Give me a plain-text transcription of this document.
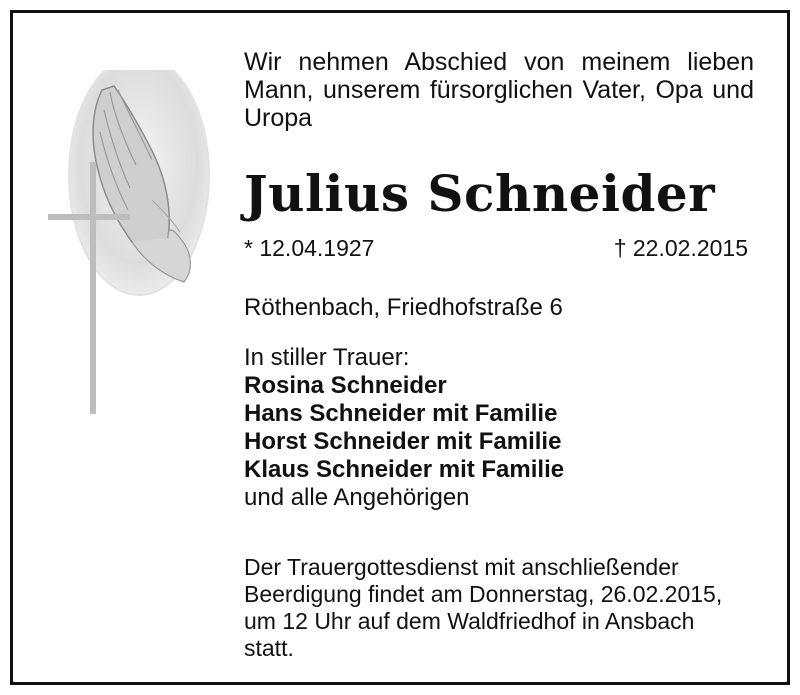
Wir nehmen Abschied von meinem lieben Mann, unserem fürsorglichen Vater, Opa und Uropa
Julius Schneider
* 12.04.1927	† 22.02.2015
Röthenbach, Friedhofstraße 6
In stiller Trauer:
Rosina Schneider
Hans Schneider mit Familie
Horst Schneider mit Familie
Klaus Schneider mit Familie
und alle Angehörigen
Der Trauergottesdienst mit anschließender
Beerdigung findet am Donnerstag, 26.02.2015,
um 12 Uhr auf dem Waldfriedhof in Ansbach
statt.
